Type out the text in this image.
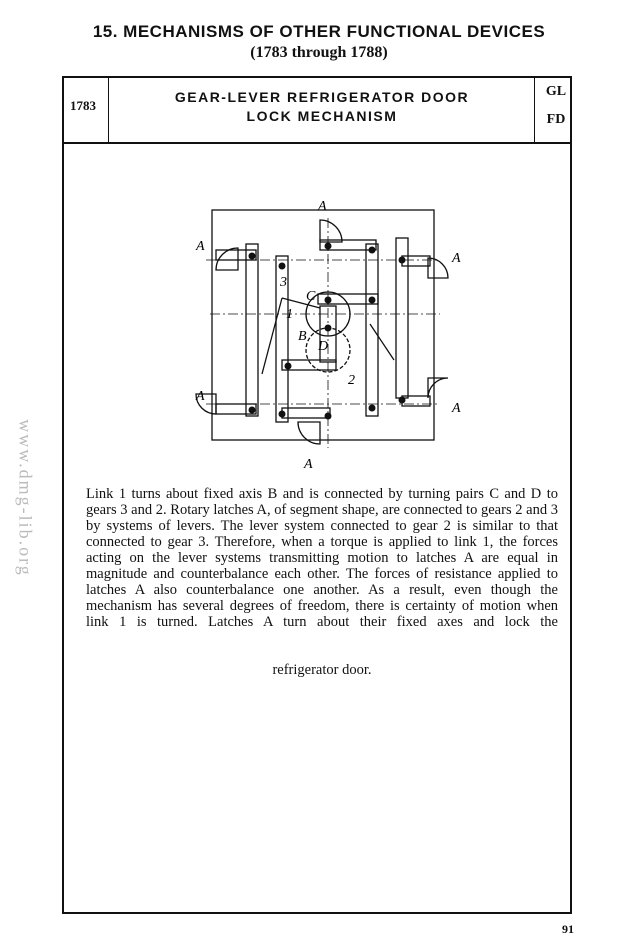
15. MECHANISMS OF OTHER FUNCTIONAL DEVICES
(1783 through 1788)
www.dmg-lib.org
1783
GEAR-LEVER REFRIGERATOR DOOR
LOCK MECHANISM
GL
FD
A
A
A
A
A
A
3
C
1
B
D
2
Link 1 turns about fixed axis B and is connected by turning pairs C and D to gears 3 and 2. Rotary latches A, of segment shape, are connected to gears 2 and 3 by systems of levers. The lever system connected to gear 2 is similar to that connected to gear 3. Therefore, when a torque is applied to link 1, the forces acting on the lever systems transmitting motion to latches A are equal in magnitude and counterbalance each other. The forces of resistance applied to latches A also counterbalance one another. As a result, even though the mechanism has several degrees of freedom, there is certainty of motion when link 1 is turned. Latches A turn about their fixed axes and lock the
refrigerator door.
91
